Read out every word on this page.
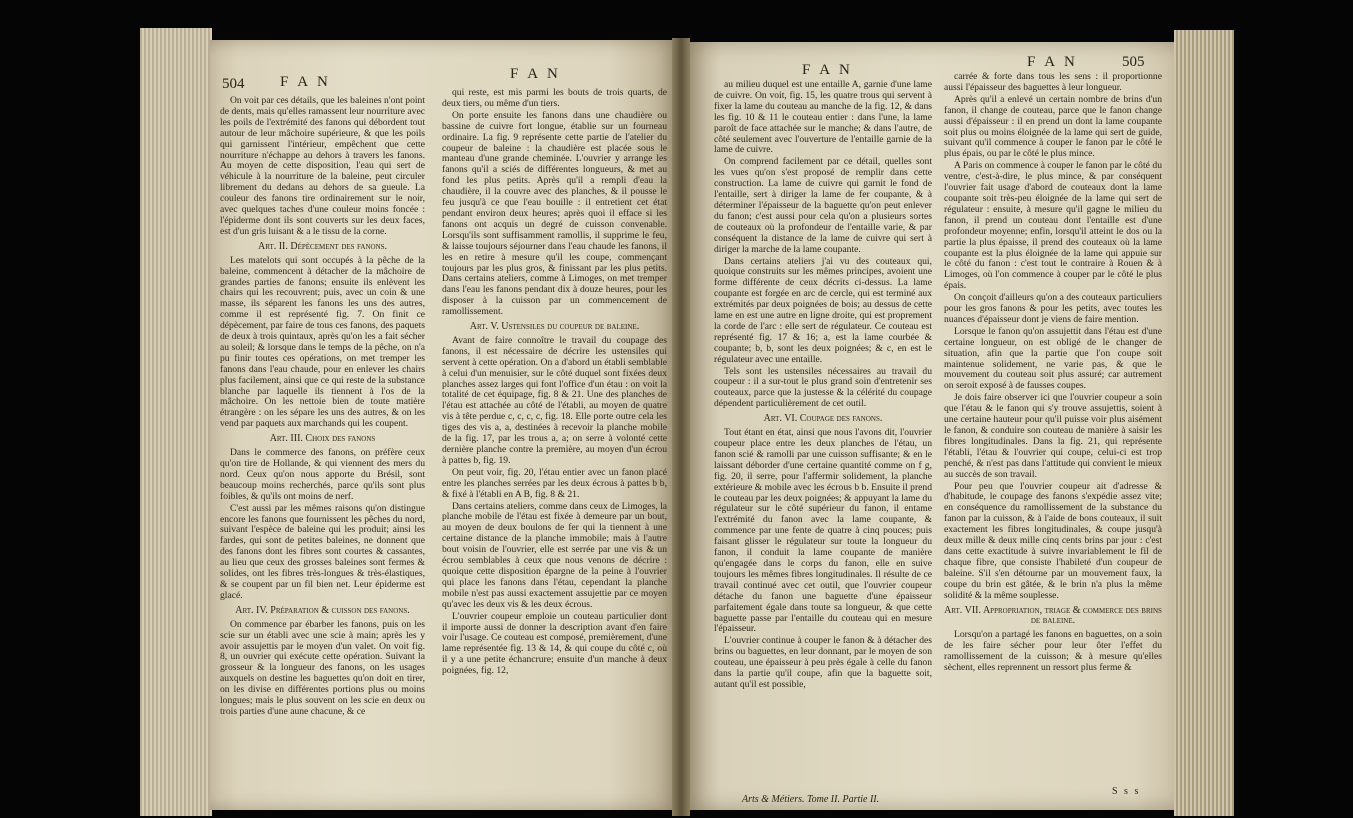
504 F A N	F A N

On voit par ces détails, que les baleines n'ont point de dents, mais qu'elles ramassent leur nourriture avec les poils de l'extrémité des fanons qui débordent tout autour de leur mâchoire supérieure, & que les poils qui garnissent l'intérieur, empêchent que cette nourriture n'échappe au dehors à travers les fanons. Au moyen de cette disposition, l'eau qui sert de véhicule à la nourriture de la baleine, peut circuler librement du dedans au dehors de sa gueule. La couleur des fanons tire ordinairement sur le noir, avec quelques taches d'une couleur moins foncée : l'épiderme dont ils sont couverts sur les deux faces, est d'un gris luisant & a le tissu de la corne.

Art. II. Dépècement des fanons.

Les matelots qui sont occupés à la pêche de la baleine, commencent à détacher de la mâchoire de grandes parties de fanons; ensuite ils enlèvent les chairs qui les recouvrent; puis, avec un coin & une masse, ils séparent les fanons les uns des autres, comme il est représenté fig. 7. On finit ce dépècement, par faire de tous ces fanons, des paquets de deux à trois quintaux, après qu'on les a fait sécher au soleil; & lorsque dans le temps de la pêche, on n'a pu finir toutes ces opérations, on met tremper les fanons dans l'eau chaude, pour en enlever les chairs plus facilement, ainsi que ce qui reste de la substance blanche par laquelle ils tiennent à l'os de la mâchoire. On les nettoie bien de toute matière étrangère : on les sépare les uns des autres, & on les vend par paquets aux marchands qui les coupent.

Art. III. Choix des fanons

Dans le commerce des fanons, on préfère ceux qu'on tire de Hollande, & qui viennent des mers du nord. Ceux qu'on nous apporte du Brésil, sont beaucoup moins recherchés, parce qu'ils sont plus foibles, & qu'ils ont moins de nerf.

C'est aussi par les mêmes raisons qu'on distingue encore les fanons que fournissent les pêches du nord, suivant l'espèce de baleine qui les produit; ainsi les fardes, qui sont de petites baleines, ne donnent que des fanons dont les fibres sont courtes & cassantes, au lieu que ceux des grosses baleines sont fermes & solides, ont les fibres très-longues & très-élastiques, & se coupent par un fil bien net. Leur épiderme est glacé.

Art. IV. Préparation & cuisson des fanons.

On commence par ébarber les fanons, puis on les scie sur un établi avec une scie à main; après les y avoir assujettis par le moyen d'un valet. On voit fig. 8, un ouvrier qui exécute cette opération. Suivant la grosseur & la longueur des fanons, on les usages auxquels on destine les baguettes qu'on doit en tirer, on les divise en différentes portions plus ou moins longues; mais le plus souvent on les scie en deux ou trois parties d'une aune chacune, & ce

qui reste, est mis parmi les bouts de trois quarts, de deux tiers, ou même d'un tiers.

On porte ensuite les fanons dans une chaudière ou bassine de cuivre fort longue, établie sur un fourneau ordinaire. La fig. 9 représente cette partie de l'atelier du coupeur de baleine : la chaudière est placée sous le manteau d'une grande cheminée. L'ouvrier y arrange les fanons qu'il a sciés de différentes longueurs, & met au fond les plus petits. Après qu'il a rempli d'eau la chaudière, il la couvre avec des planches, & il pousse le feu jusqu'à ce que l'eau bouille : il entretient cet état pendant environ deux heures; après quoi il efface si les fanons ont acquis un degré de cuisson convenable. Lorsqu'ils sont suffisamment ramollis, il supprime le feu, & laisse toujours séjourner dans l'eau chaude les fanons, il les en retire à mesure qu'il les coupe, commençant toujours par les plus gros, & finissant par les plus petits. Dans certains ateliers, comme à Limoges, on met tremper dans l'eau les fanons pendant dix à douze heures, pour les disposer à la cuisson par un commencement de ramollissement.

Art. V. Ustensiles du coupeur de baleine.

Avant de faire connoître le travail du coupage des fanons, il est nécessaire de décrire les ustensiles qui servent à cette opération. On a d'abord un établi semblable à celui d'un menuisier, sur le côté duquel sont fixées deux planches assez larges qui font l'office d'un étau : on voit la totalité de cet équipage, fig. 8 & 21. Une des planches de l'étau est attachée au côté de l'établi, au moyen de quatre vis à tête perdue c, c, c, c, fig. 18. Elle porte outre cela les tiges des vis a, a, destinées à recevoir la planche mobile de la fig. 17, par les trous a, a; on serre à volonté cette dernière planche contre la première, au moyen d'un écrou à pattes b, fig. 19.

On peut voir, fig. 20, l'étau entier avec un fanon placé entre les planches serrées par les deux écrous à pattes b b, & fixé à l'établi en A B, fig. 8 & 21.

Dans certains ateliers, comme dans ceux de Limoges, la planche mobile de l'étau est fixée à demeure par un bout, au moyen de deux boulons de fer qui la tiennent à une certaine distance de la planche immobile; mais à l'autre bout voisin de l'ouvrier, elle est serrée par une vis & un écrou semblables à ceux que nous venons de décrire : quoique cette disposition épargne de la peine à l'ouvrier qui place les fanons dans l'étau, cependant la planche mobile n'est pas aussi exactement assujettie par ce moyen qu'avec les deux vis & les deux écrous.

L'ouvrier coupeur emploie un couteau particulier dont il importe aussi de donner la description avant d'en faire voir l'usage. Ce couteau est composé, premièrement, d'une lame représentée fig. 13 & 14, & qui coupe du côté c, où il y a une petite échancrure; ensuite d'un manche à deux poignées, fig. 12,

F A N	F A N	505

au milieu duquel est une entaille A, garnie d'une lame de cuivre. On voit, fig. 15, les quatre trous qui servent à fixer la lame du couteau au manche de la fig. 12, & dans les fig. 10 & 11 le couteau entier : dans l'une, la lame paroît de face attachée sur le manche; & dans l'autre, de côté seulement avec l'ouverture de l'entaille garnie de la lame de cuivre.

On comprend facilement par ce détail, quelles sont les vues qu'on s'est proposé de remplir dans cette construction. La lame de cuivre qui garnit le fond de l'entaille, sert à diriger la lame de fer coupante, & à déterminer l'épaisseur de la baguette qu'on peut enlever du fanon; c'est aussi pour cela qu'on a plusieurs sortes de couteaux où la profondeur de l'entaille varie, & par conséquent la distance de la lame de cuivre qui sert à diriger la marche de la lame coupante.

Dans certains ateliers j'ai vu des couteaux qui, quoique construits sur les mêmes principes, avoient une forme différente de ceux décrits ci-dessus. La lame coupante est forgée en arc de cercle, qui est terminé aux extrémités par deux poignées de bois; au dessus de cette lame en est une autre en ligne droite, qui est proprement la corde de l'arc : elle sert de régulateur. Ce couteau est représenté fig. 17 & 16; a, est la lame courbée & coupante; b, b, sont les deux poignées; & c, en est le régulateur avec une entaille.

Tels sont les ustensiles nécessaires au travail du coupeur : il a sur-tout le plus grand soin d'entretenir ses couteaux, parce que la justesse & la célérité du coupage dépendent particulièrement de cet outil.

Art. VI. Coupage des fanons.

Tout étant en état, ainsi que nous l'avons dit, l'ouvrier coupeur place entre les deux planches de l'étau, un fanon scié & ramolli par une cuisson suffisante; & en le laissant déborder d'une certaine quantité comme on f g, fig. 20, il serre, pour l'affermir solidement, la planche extérieure & mobile avec les écrous b b. Ensuite il prend le couteau par les deux poignées; & appuyant la lame du régulateur sur le côté supérieur du fanon, il entame l'extrémité du fanon avec la lame coupante, & commence par une fente de quatre à cinq pouces; puis faisant glisser le régulateur sur toute la longueur du fanon, il conduit la lame coupante de manière qu'engagée dans le corps du fanon, elle en suive toujours les mêmes fibres longitudinales. Il résulte de ce travail continué avec cet outil, que l'ouvrier coupeur détache du fanon une baguette d'une épaisseur parfaitement égale dans toute sa longueur, & que cette baguette passe par l'entaille du couteau qui en mesure l'épaisseur.

L'ouvrier continue à couper le fanon & à détacher des brins ou baguettes, en leur donnant, par le moyen de son couteau, une épaisseur à peu près égale à celle du fanon dans la partie qu'il coupe, afin que la baguette soit, autant qu'il est possible,

carrée & forte dans tous les sens : il proportionne aussi l'épaisseur des baguettes à leur longueur.

Après qu'il a enlevé un certain nombre de brins d'un fanon, il change de couteau, parce que le fanon change aussi d'épaisseur : il en prend un dont la lame coupante soit plus ou moins éloignée de la lame qui sert de guide, suivant qu'il commence à couper le fanon par le côté le plus épais, ou par le côté le plus mince.

A Paris on commence à couper le fanon par le côté du ventre, c'est-à-dire, le plus mince, & par conséquent l'ouvrier fait usage d'abord de couteaux dont la lame coupante soit très-peu éloignée de la lame qui sert de régulateur : ensuite, à mesure qu'il gagne le milieu du fanon, il prend un couteau dont l'entaille est d'une profondeur moyenne; enfin, lorsqu'il atteint le dos ou la partie la plus épaisse, il prend des couteaux où la lame coupante est la plus éloignée de la lame qui appuie sur le côté du fanon : c'est tout le contraire à Rouen & à Limoges, où l'on commence à couper par le côté le plus épais.

On conçoit d'ailleurs qu'on a des couteaux particuliers pour les gros fanons & pour les petits, avec toutes les nuances d'épaisseur dont je viens de faire mention.

Lorsque le fanon qu'on assujettit dans l'étau est d'une certaine longueur, on est obligé de le changer de situation, afin que la partie que l'on coupe soit maintenue solidement, ne varie pas, & que le mouvement du couteau soit plus assuré; car autrement on seroit exposé à de fausses coupes.

Je dois faire observer ici que l'ouvrier coupeur a soin que l'étau & le fanon qui s'y trouve assujettis, soient à une certaine hauteur pour qu'il puisse voir plus aisément le fanon, & conduire son couteau de manière à saisir les fibres longitudinales. Dans la fig. 21, qui représente l'établi, l'étau & l'ouvrier qui coupe, celui-ci est trop penché, & n'est pas dans l'attitude qui convient le mieux au succès de son travail.

Pour peu que l'ouvrier coupeur ait d'adresse & d'habitude, le coupage des fanons s'expédie assez vite; en conséquence du ramollissement de la substance du fanon par la cuisson, & à l'aide de bons couteaux, il suit exactement les fibres longitudinales, & coupe jusqu'à deux mille & deux mille cinq cents brins par jour : c'est dans cette exactitude à suivre invariablement le fil de chaque fibre, que consiste l'habileté d'un coupeur de baleine. S'il s'en détourne par un mouvement faux, la coupe du brin est gâtée, & le brin n'a plus la même solidité & la même souplesse.

Art. VII. Appropriation, triage & commerce des brins de baleine.

Lorsqu'on a partagé les fanons en baguettes, on a soin de les faire sécher pour leur ôter l'effet du ramollissement de la cuisson; & à mesure qu'elles sèchent, elles reprennent un ressort plus ferme &

Arts & Métiers. Tome II. Partie II.
S s s
